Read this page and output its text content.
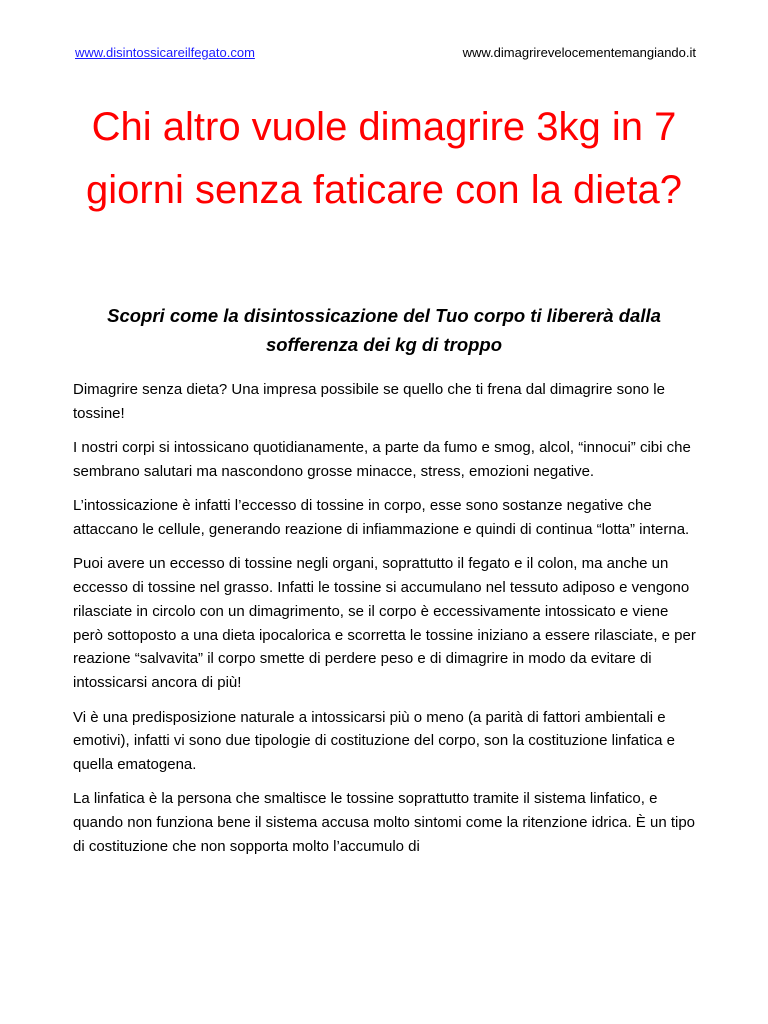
www.disintossicareilfegato.com	www.dimagrirevelocementemangiando.it
Chi altro vuole dimagrire 3kg in 7 giorni senza faticare con la dieta?
Scopri come la disintossicazione del Tuo corpo ti libererà dalla sofferenza dei kg di troppo

Dimagrire senza dieta? Una impresa possibile se quello che ti frena dal dimagrire sono le tossine!

I nostri corpi si intossicano quotidianamente, a parte da fumo e smog, alcol, “innocui” cibi che sembrano salutari ma nascondono grosse minacce, stress, emozioni negative.

L’intossicazione è infatti l’eccesso di tossine in corpo, esse sono sostanze negative che attaccano le cellule, generando reazione di infiammazione e quindi di continua “lotta” interna.

Puoi avere un eccesso di tossine negli organi, soprattutto il fegato e il colon, ma anche un eccesso di tossine nel grasso. Infatti le tossine si accumulano nel tessuto adiposo e vengono rilasciate in circolo con un dimagrimento, se il corpo è eccessivamente intossicato e viene però sottoposto a una dieta ipocalorica e scorretta le tossine iniziano a essere rilasciate, e per reazione “salvavita” il corpo smette di perdere peso e di dimagrire in modo da evitare di intossicarsi ancora di più!

Vi è una predisposizione naturale a intossicarsi più o meno (a parità di fattori ambientali e emotivi), infatti vi sono due tipologie di costituzione del corpo, son la costituzione linfatica e quella ematogena.

La linfatica è la persona che smaltisce le tossine soprattutto tramite il sistema linfatico, e quando non funziona bene il sistema accusa molto sintomi come la ritenzione idrica. È un tipo di costituzione che non sopporta molto l’accumulo di
